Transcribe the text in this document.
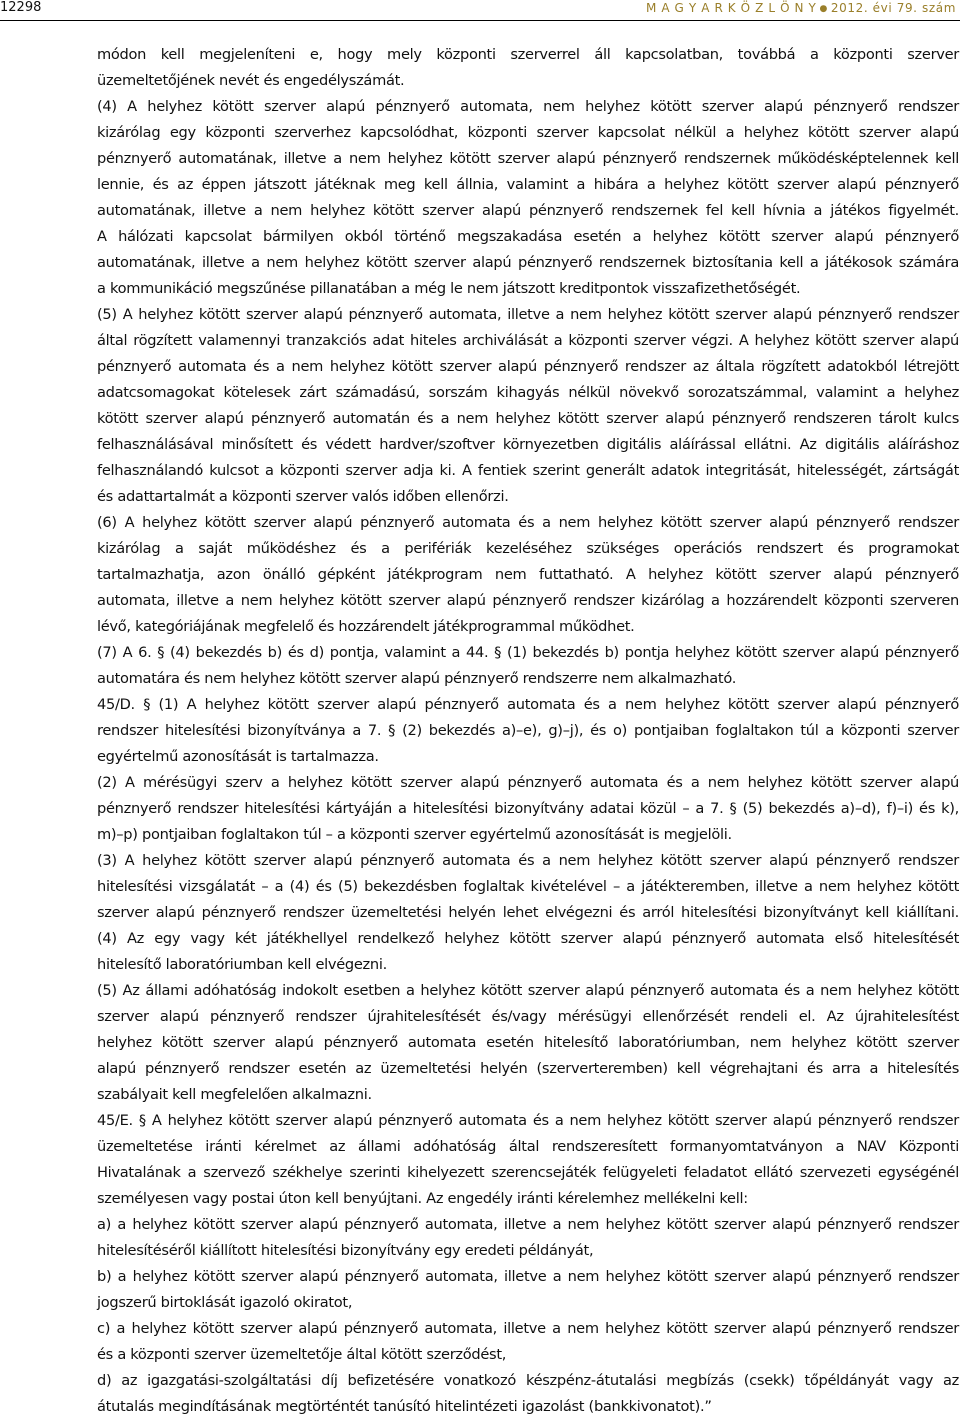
12298	M A G Y A R K Ö Z L Ö N Y ● 2012. évi 79. szám

módon kell megjeleníteni e, hogy mely központi szerverrel áll kapcsolatban, továbbá a központi szerver

üzemeltetőjének nevét és engedélyszámát.

(4) A helyhez kötött szerver alapú pénznyerő automata, nem helyhez kötött szerver alapú pénznyerő rendszer

kizárólag egy központi szerverhez kapcsolódhat, központi szerver kapcsolat nélkül a helyhez kötött szerver alapú

pénznyerő automatának, illetve a nem helyhez kötött szerver alapú pénznyerő rendszernek működésképtelennek kell

lennie, és az éppen játszott játéknak meg kell állnia, valamint a hibára a helyhez kötött szerver alapú pénznyerő

automatának, illetve a nem helyhez kötött szerver alapú pénznyerő rendszernek fel kell hívnia a játékos figyelmét.

A hálózati kapcsolat bármilyen okból történő megszakadása esetén a helyhez kötött szerver alapú pénznyerő

automatának, illetve a nem helyhez kötött szerver alapú pénznyerő rendszernek biztosítania kell a játékosok számára

a kommunikáció megszűnése pillanatában a még le nem játszott kreditpontok visszafizethetőségét.

(5) A helyhez kötött szerver alapú pénznyerő automata, illetve a nem helyhez kötött szerver alapú pénznyerő rendszer

által rögzített valamennyi tranzakciós adat hiteles archiválását a központi szerver végzi. A helyhez kötött szerver alapú

pénznyerő automata és a nem helyhez kötött szerver alapú pénznyerő rendszer az általa rögzített adatokból létrejött

adatcsomagokat kötelesek zárt számadású, sorszám kihagyás nélkül növekvő sorozatszámmal, valamint a helyhez

kötött szerver alapú pénznyerő automatán és a nem helyhez kötött szerver alapú pénznyerő rendszeren tárolt kulcs

felhasználásával minősített és védett hardver/szoftver környezetben digitális aláírással ellátni. Az digitális aláíráshoz

felhasználandó kulcsot a központi szerver adja ki. A fentiek szerint generált adatok integritását, hitelességét, zártságát

és adattartalmát a központi szerver valós időben ellenőrzi.

(6) A helyhez kötött szerver alapú pénznyerő automata és a nem helyhez kötött szerver alapú pénznyerő rendszer

kizárólag a saját működéshez és a perifériák kezeléséhez szükséges operációs rendszert és programokat

tartalmazhatja, azon önálló gépként játékprogram nem futtatható. A helyhez kötött szerver alapú pénznyerő

automata, illetve a nem helyhez kötött szerver alapú pénznyerő rendszer kizárólag a hozzárendelt központi szerveren

lévő, kategóriájának megfelelő és hozzárendelt játékprogrammal működhet.

(7) A 6. § (4) bekezdés b) és d) pontja, valamint a 44. § (1) bekezdés b) pontja helyhez kötött szerver alapú pénznyerő

automatára és nem helyhez kötött szerver alapú pénznyerő rendszerre nem alkalmazható.

45/D. § (1) A helyhez kötött szerver alapú pénznyerő automata és a nem helyhez kötött szerver alapú pénznyerő

rendszer hitelesítési bizonyítványa a 7. § (2) bekezdés a)–e), g)–j), és o) pontjaiban foglaltakon túl a központi szerver

egyértelmű azonosítását is tartalmazza.

(2) A mérésügyi szerv a helyhez kötött szerver alapú pénznyerő automata és a nem helyhez kötött szerver alapú

pénznyerő rendszer hitelesítési kártyáján a hitelesítési bizonyítvány adatai közül – a 7. § (5) bekezdés a)–d), f)–i) és k),

m)–p) pontjaiban foglaltakon túl – a központi szerver egyértelmű azonosítását is megjelöli.

(3) A helyhez kötött szerver alapú pénznyerő automata és a nem helyhez kötött szerver alapú pénznyerő rendszer

hitelesítési vizsgálatát – a (4) és (5) bekezdésben foglaltak kivételével – a játékteremben, illetve a nem helyhez kötött

szerver alapú pénznyerő rendszer üzemeltetési helyén lehet elvégezni és arról hitelesítési bizonyítványt kell kiállítani.

(4) Az egy vagy két játékhellyel rendelkező helyhez kötött szerver alapú pénznyerő automata első hitelesítését

hitelesítő laboratóriumban kell elvégezni.

(5) Az állami adóhatóság indokolt esetben a helyhez kötött szerver alapú pénznyerő automata és a nem helyhez kötött

szerver alapú pénznyerő rendszer újrahitelesítését és/vagy mérésügyi ellenőrzését rendeli el. Az újrahitelesítést

helyhez kötött szerver alapú pénznyerő automata esetén hitelesítő laboratóriumban, nem helyhez kötött szerver

alapú pénznyerő rendszer esetén az üzemeltetési helyén (szerverteremben) kell végrehajtani és arra a hitelesítés

szabályait kell megfelelően alkalmazni.

45/E. § A helyhez kötött szerver alapú pénznyerő automata és a nem helyhez kötött szerver alapú pénznyerő rendszer

üzemeltetése iránti kérelmet az állami adóhatóság által rendszeresített formanyomtatványon a NAV Központi

Hivatalának a szervező székhelye szerinti kihelyezett szerencsejáték felügyeleti feladatot ellátó szervezeti egységénél

személyesen vagy postai úton kell benyújtani. Az engedély iránti kérelemhez mellékelni kell:

a) a helyhez kötött szerver alapú pénznyerő automata, illetve a nem helyhez kötött szerver alapú pénznyerő rendszer

hitelesítéséről kiállított hitelesítési bizonyítvány egy eredeti példányát,

b) a helyhez kötött szerver alapú pénznyerő automata, illetve a nem helyhez kötött szerver alapú pénznyerő rendszer

jogszerű birtoklását igazoló okiratot,

c) a helyhez kötött szerver alapú pénznyerő automata, illetve a nem helyhez kötött szerver alapú pénznyerő rendszer

és a központi szerver üzemeltetője által kötött szerződést,

d) az igazgatási-szolgáltatási díj befizetésére vonatkozó készpénz-átutalási megbízás (csekk) tőpéldányát vagy az

átutalás megindításának megtörténtét tanúsító hitelintézeti igazolást (bankkivonatot).”
